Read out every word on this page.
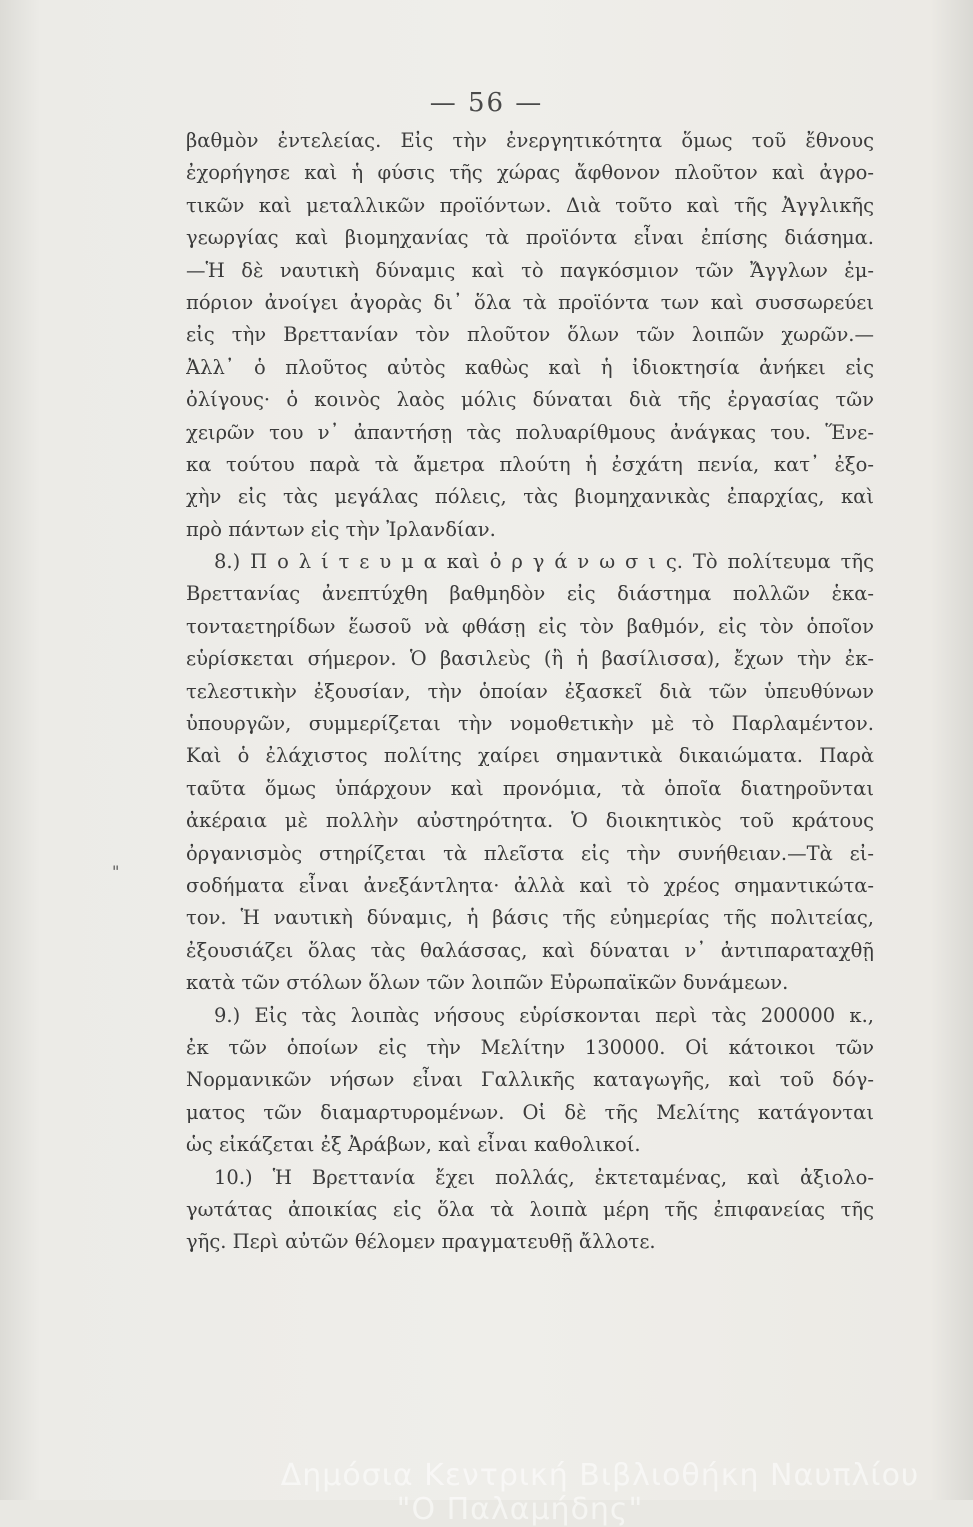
— 56 —
"
βαθμὸν ἐντελείας. Εἰς τὴν ἐνεργητικότητα ὅμως τοῦ ἔθνους
ἐχορήγησε καὶ ἡ φύσις τῆς χώρας ἄφθονον πλοῦτον καὶ ἀγρο-
τικῶν καὶ μεταλλικῶν προϊόντων. Διὰ τοῦτο καὶ τῆς Ἀγγλικῆς
γεωργίας καὶ βιομηχανίας τὰ προϊόντα εἶναι ἐπίσης διάσημα.
—Ἡ δὲ ναυτικὴ δύναμις καὶ τὸ παγκόσμιον τῶν Ἄγγλων ἐμ-
πόριον ἀνοίγει ἀγορὰς δι᾽ ὅλα τὰ προϊόντα των καὶ συσσωρεύει
εἰς τὴν Βρεττανίαν τὸν πλοῦτον ὅλων τῶν λοιπῶν χωρῶν.—
Ἀλλ᾽ ὁ πλοῦτος αὐτὸς καθὼς καὶ ἡ ἰδιοκτησία ἀνήκει εἰς
ὀλίγους· ὁ κοινὸς λαὸς μόλις δύναται διὰ τῆς ἐργασίας τῶν
χειρῶν του ν᾽ ἀπαντήσῃ τὰς πολυαρίθμους ἀνάγκας του. Ἕνε-
κα τούτου παρὰ τὰ ἄμετρα πλούτη ἡ ἐσχάτη πενία, κατ᾽ ἐξο-
χὴν εἰς τὰς μεγάλας πόλεις, τὰς βιομηχανικὰς ἐπαρχίας, καὶ
πρὸ πάντων εἰς τὴν Ἰρλανδίαν.
8.) Π ο λ ί τ ε υ μ α καὶ ὀ ρ γ ά ν ω σ ι ς. Τὸ πολίτευμα τῆς
Βρεττανίας ἀνεπτύχθη βαθμηδὸν εἰς διάστημα πολλῶν ἑκα-
τονταετηρίδων ἕωσοῦ νὰ φθάσῃ εἰς τὸν βαθμόν, εἰς τὸν ὁποῖον
εὑρίσκεται σήμερον. Ὁ βασιλεὺς (ἢ ἡ βασίλισσα), ἔχων τὴν ἐκ-
τελεστικὴν ἐξουσίαν, τὴν ὁποίαν ἐξασκεῖ διὰ τῶν ὑπευθύνων
ὑπουργῶν, συμμερίζεται τὴν νομοθετικὴν μὲ τὸ Παρλαμέντον.
Καὶ ὁ ἐλάχιστος πολίτης χαίρει σημαντικὰ δικαιώματα. Παρὰ
ταῦτα ὅμως ὑπάρχουν καὶ προνόμια, τὰ ὁποῖα διατηροῦνται
ἀκέραια μὲ πολλὴν αὐστηρότητα. Ὁ διοικητικὸς τοῦ κράτους
ὀργανισμὸς στηρίζεται τὰ πλεῖστα εἰς τὴν συνήθειαν.—Τὰ εἰ-
σοδήματα εἶναι ἀνεξάντλητα· ἀλλὰ καὶ τὸ χρέος σημαντικώτα-
τον. Ἡ ναυτικὴ δύναμις, ἡ βάσις τῆς εὐημερίας τῆς πολιτείας,
ἐξουσιάζει ὅλας τὰς θαλάσσας, καὶ δύναται ν᾽ ἀντιπαραταχθῇ
κατὰ τῶν στόλων ὅλων τῶν λοιπῶν Εὐρωπαϊκῶν δυνάμεων.
9.) Εἰς τὰς λοιπὰς νήσους εὑρίσκονται περὶ τὰς 200000 κ.,
ἐκ τῶν ὁποίων εἰς τὴν Μελίτην 130000. Οἱ κάτοικοι τῶν
Νορμανικῶν νήσων εἶναι Γαλλικῆς καταγωγῆς, καὶ τοῦ δόγ-
ματος τῶν διαμαρτυρομένων. Οἱ δὲ τῆς Μελίτης κατάγονται
ὡς εἰκάζεται ἐξ Ἀράβων, καὶ εἶναι καθολικοί.
10.) Ἡ Βρεττανία ἔχει πολλάς, ἐκτεταμένας, καὶ ἀξιολο-
γωτάτας ἀποικίας εἰς ὅλα τὰ λοιπὰ μέρη τῆς ἐπιφανείας τῆς
γῆς. Περὶ αὐτῶν θέλομεν πραγματευθῇ ἄλλοτε.
Δημόσια Κεντρική Βιβλιοθήκη Ναυπλίου
"Ο Παλαμήδης"
